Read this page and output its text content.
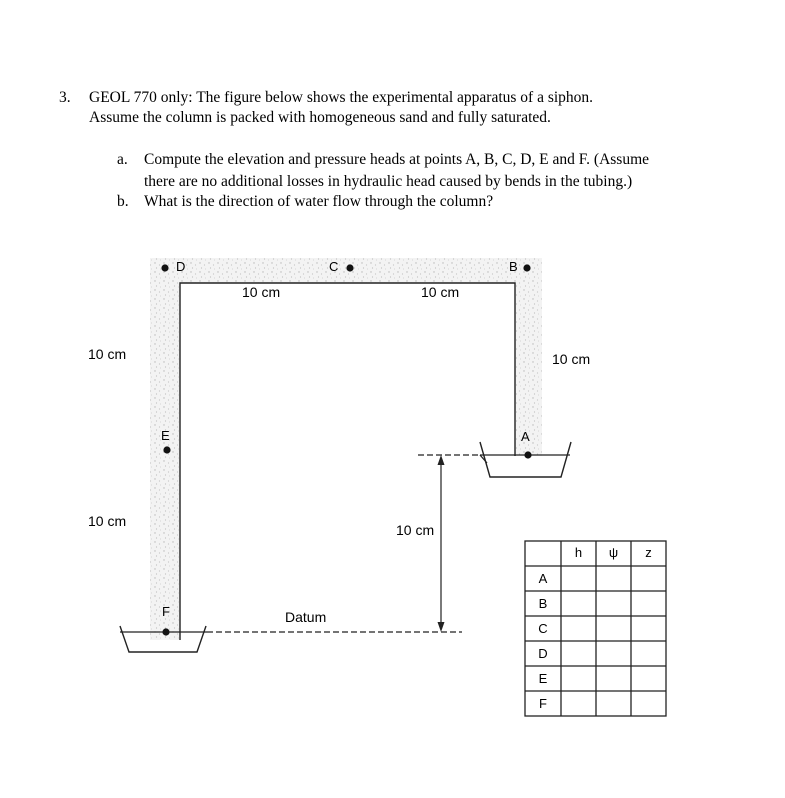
3. GEOL 770 only: The figure below shows the experimental apparatus of a siphon.
Assume the column is packed with homogeneous sand and fully saturated.
a. Compute the elevation and pressure heads at points A, B, C, D, E and F. (Assume
there are no additional losses in hydraulic head caused by bends in the tubing.)
b. What is the direction of water flow through the column?
D	C	B
E	A
F
10 cm	10 cm
10 cm
10 cm
10 cm
10 cm
Datum
h	ψ	z
A
B
C
D
E
F
